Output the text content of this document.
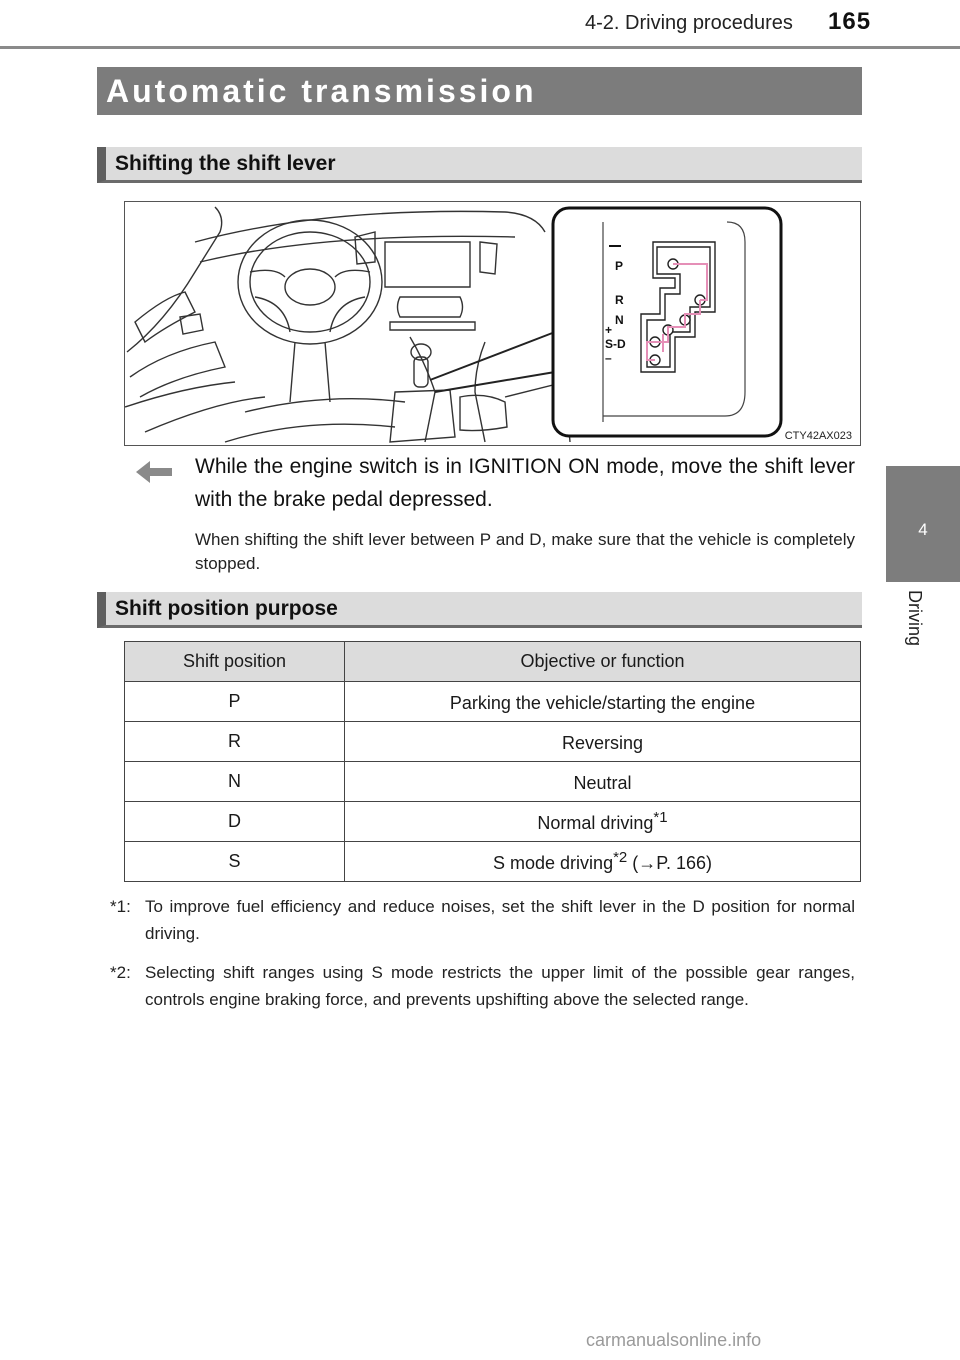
4-2. Driving procedures 165
4
Driving
Automatic transmission
Shifting the shift lever
P
R
N
S-D
+
–
CTY42AX023
While the engine switch is in IGNITION ON mode, move the shift lever with the brake pedal depressed.
When shifting the shift lever between P and D, make sure that the vehicle is completely stopped.
Shift position purpose
Shift position	Objective or function
P	Parking the vehicle/starting the engine
R	Reversing
N	Neutral
D	Normal driving$^{*1}$
S	S mode driving$^{*2}$ (→P. 166)
*1: To improve fuel efficiency and reduce noises, set the shift lever in the D position for normal driving.
*2: Selecting shift ranges using S mode restricts the upper limit of the possible gear ranges, controls engine braking force, and prevents upshifting above the selected range.
carmanualsonline.info
